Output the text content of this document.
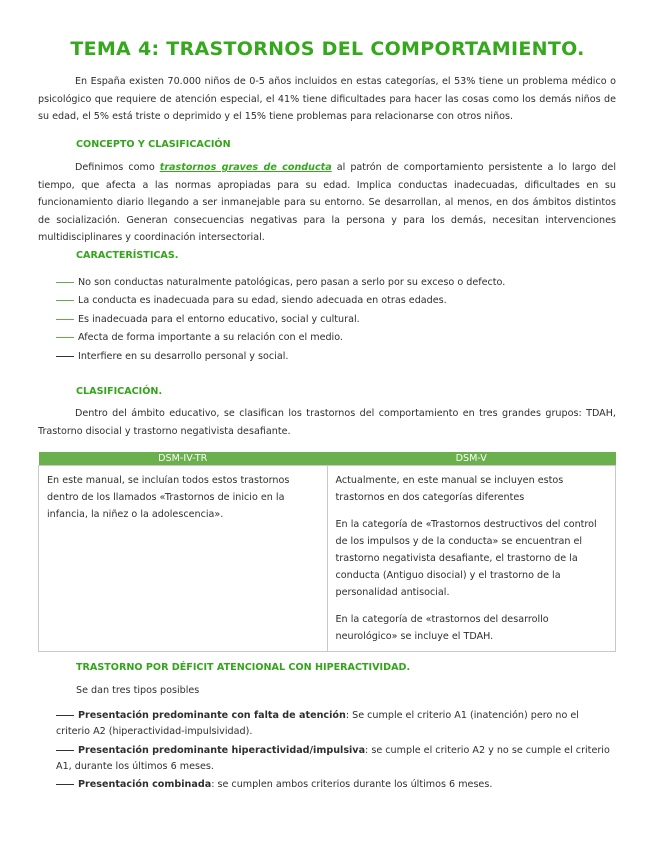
TEMA 4: TRASTORNOS DEL COMPORTAMIENTO.
En España existen 70.000 niños de 0-5 años incluidos en estas categorías, el 53% tiene un problema médico o psicológico que requiere de atención especial, el 41% tiene dificultades para hacer las cosas como los demás niños de su edad, el 5% está triste o deprimido y el 15% tiene problemas para relacionarse con otros niños.
CONCEPTO Y CLASIFICACIÓN
Definimos como trastornos graves de conducta al patrón de comportamiento persistente a lo largo del tiempo, que afecta a las normas apropiadas para su edad. Implica conductas inadecuadas, dificultades en su funcionamiento diario llegando a ser inmanejable para su entorno. Se desarrollan, al menos, en dos ámbitos distintos de socialización. Generan consecuencias negativas para la persona y para los demás, necesitan intervenciones multidisciplinares y coordinación intersectorial.
CARACTERÍSTICAS.
No son conductas naturalmente patológicas, pero pasan a serlo por su exceso o defecto.
La conducta es inadecuada para su edad, siendo adecuada en otras edades.
Es inadecuada para el entorno educativo, social y cultural.
Afecta de forma importante a su relación con el medio.
Interfiere en su desarrollo personal y social.
CLASIFICACIÓN.
Dentro del ámbito educativo, se clasifican los trastornos del comportamiento en tres grandes grupos: TDAH, Trastorno disocial y trastorno negativista desafiante.
DSM-IV-TR	DSM-V
En este manual, se incluían todos estos trastornos dentro de los llamados «Trastornos de inicio en la infancia, la niñez o la adolescencia».	Actualmente, en este manual se incluyen estos trastornos en dos categorías diferentes
En la categoría de «Trastornos destructivos del control de los impulsos y de la conducta» se encuentran el trastorno negativista desafiante, el trastorno de la conducta (Antiguo disocial) y el trastorno de la personalidad antisocial.
En la categoría de «trastornos del desarrollo neurológico» se incluye el TDAH.
TRASTORNO POR DÉFICIT ATENCIONAL CON HIPERACTIVIDAD.
Se dan tres tipos posibles
Presentación predominante con falta de atención: Se cumple el criterio A1 (inatención) pero no el criterio A2 (hiperactividad-impulsividad).
Presentación predominante hiperactividad/impulsiva: se cumple el criterio A2 y no se cumple el criterio A1, durante los últimos 6 meses.
Presentación combinada: se cumplen ambos criterios durante los últimos 6 meses.
